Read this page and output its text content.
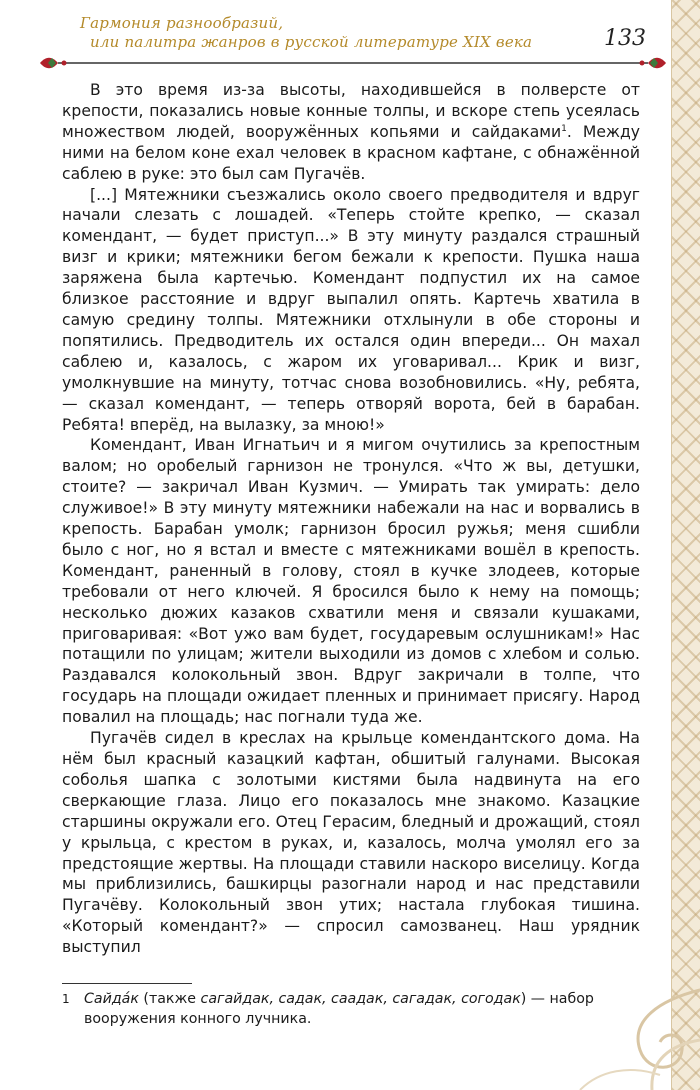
Гармония разнообразий,
или палитра жанров в русской литературе XIX века	133

В это время из-за высоты, находившейся в полверсте от крепости, показались новые конные толпы, и вскоре степь усеялась множеством людей, вооружённых копьями и сайдаками$^1$. Между ними на белом коне ехал человек в красном кафтане, с обнажённой саблею в руке: это был сам Пугачёв.

[...] Мятежники съезжались около своего предводителя и вдруг начали слезать с лошадей. «Теперь стойте крепко, — сказал комендант, — будет приступ...» В эту минуту раздался страшный визг и крики; мятежники бегом бежали к крепости. Пушка наша заряжена была картечью. Комендант подпустил их на самое близкое расстояние и вдруг выпалил опять. Картечь хватила в самую средину толпы. Мятежники отхлынули в обе стороны и попятились. Предводитель их остался один впереди... Он махал саблею и, казалось, с жаром их уговаривал... Крик и визг, умолкнувшие на минуту, тотчас снова возобновились. «Ну, ребята, — сказал комендант, — теперь отворяй ворота, бей в барабан. Ребята! вперёд, на вылазку, за мною!»

Комендант, Иван Игнатьич и я мигом очутились за крепостным валом; но оробелый гарнизон не тронулся. «Что ж вы, детушки, стоите? — закричал Иван Кузмич. — Умирать так умирать: дело служивое!» В эту минуту мятежники набежали на нас и ворвались в крепость. Барабан умолк; гарнизон бросил ружья; меня сшибли было с ног, но я встал и вместе с мятежниками вошёл в крепость. Комендант, раненный в голову, стоял в кучке злодеев, которые требовали от него ключей. Я бросился было к нему на помощь; несколько дюжих казаков схватили меня и связали кушаками, приговаривая: «Вот ужо вам будет, государевым ослушникам!» Нас потащили по улицам; жители выходили из домов с хлебом и солью. Раздавался колокольный звон. Вдруг закричали в толпе, что государь на площади ожидает пленных и принимает присягу. Народ повалил на площадь; нас погнали туда же.

Пугачёв сидел в креслах на крыльце комендантского дома. На нём был красный казацкий кафтан, обшитый галунами. Высокая соболья шапка с золотыми кистями была надвинута на его сверкающие глаза. Лицо его показалось мне знакомо. Казацкие старшины окружали его. Отец Герасим, бледный и дрожащий, стоял у крыльца, с крестом в руках, и, казалось, молча умолял его за предстоящие жертвы. На площади ставили наскоро виселицу. Когда мы приблизились, башкирцы разогнали народ и нас представили Пугачёву. Колокольный звон утих; настала глубокая тишина. «Который комендант?» — спросил самозванец. Наш урядник выступил

1 Сайда́к (также сагайдак, садак, саадак, сагадак, согодак) — набор вооружения конного лучника.
